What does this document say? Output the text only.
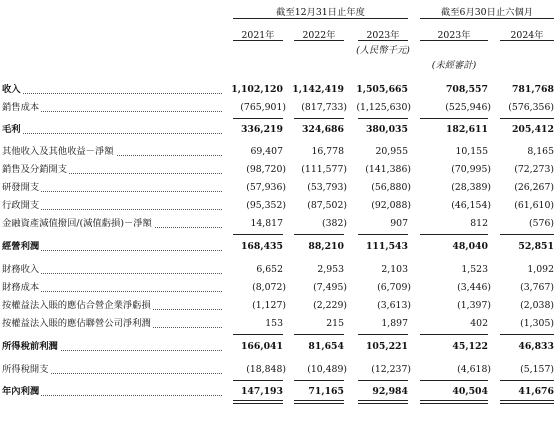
截至12月31日止年度	截至6月30日止六個月
2021年	2022年	2023年	2023年	2024年
(人民幣千元)
(未經審計)
收入	1,102,120 1,142,419	1,505,665	708,557	781,768
銷售成本	(765,901)	(817,733)	(1,125,630)	(525,946)	(576,356)
毛利	336,219	324,686	380,035	182,611	205,412
其他收入及其他收益－淨額	69,407	16,778	20,955	10,155	8,165
銷售及分銷開支	(98,720)	(111,577)	(141,386)	(70,995)	(72,273)
研發開支	(57,936)	(53,793)	(56,880)	(28,389)	(26,267)
行政開支	(95,352)	(87,502)	(92,088)	(46,154)	(61,610)
金融資產減值撥回/(減值虧損)－淨額	14,817	(382)	907	812	(576)
經營利潤	168,435	88,210	111,543	48,040	52,851
財務收入	6,652	2,953	2,103	1,523	1,092
財務成本	(8,072)	(7,495)	(6,709)	(3,446)	(3,767)
按權益法入賬的應佔合營企業淨虧損	(1,127)	(2,229)	(3,613)	(1,397)	(2,038)
按權益法入賬的應佔聯營公司淨利潤	153	215	1,897	402	(1,305)
所得稅前利潤	166,041	81,654	105,221	45,122	46,833
所得稅開支	(18,848)	(10,489)	(12,237)	(4,618)	(5,157)
年內利潤	147,193	71,165	92,984	40,504	41,676
